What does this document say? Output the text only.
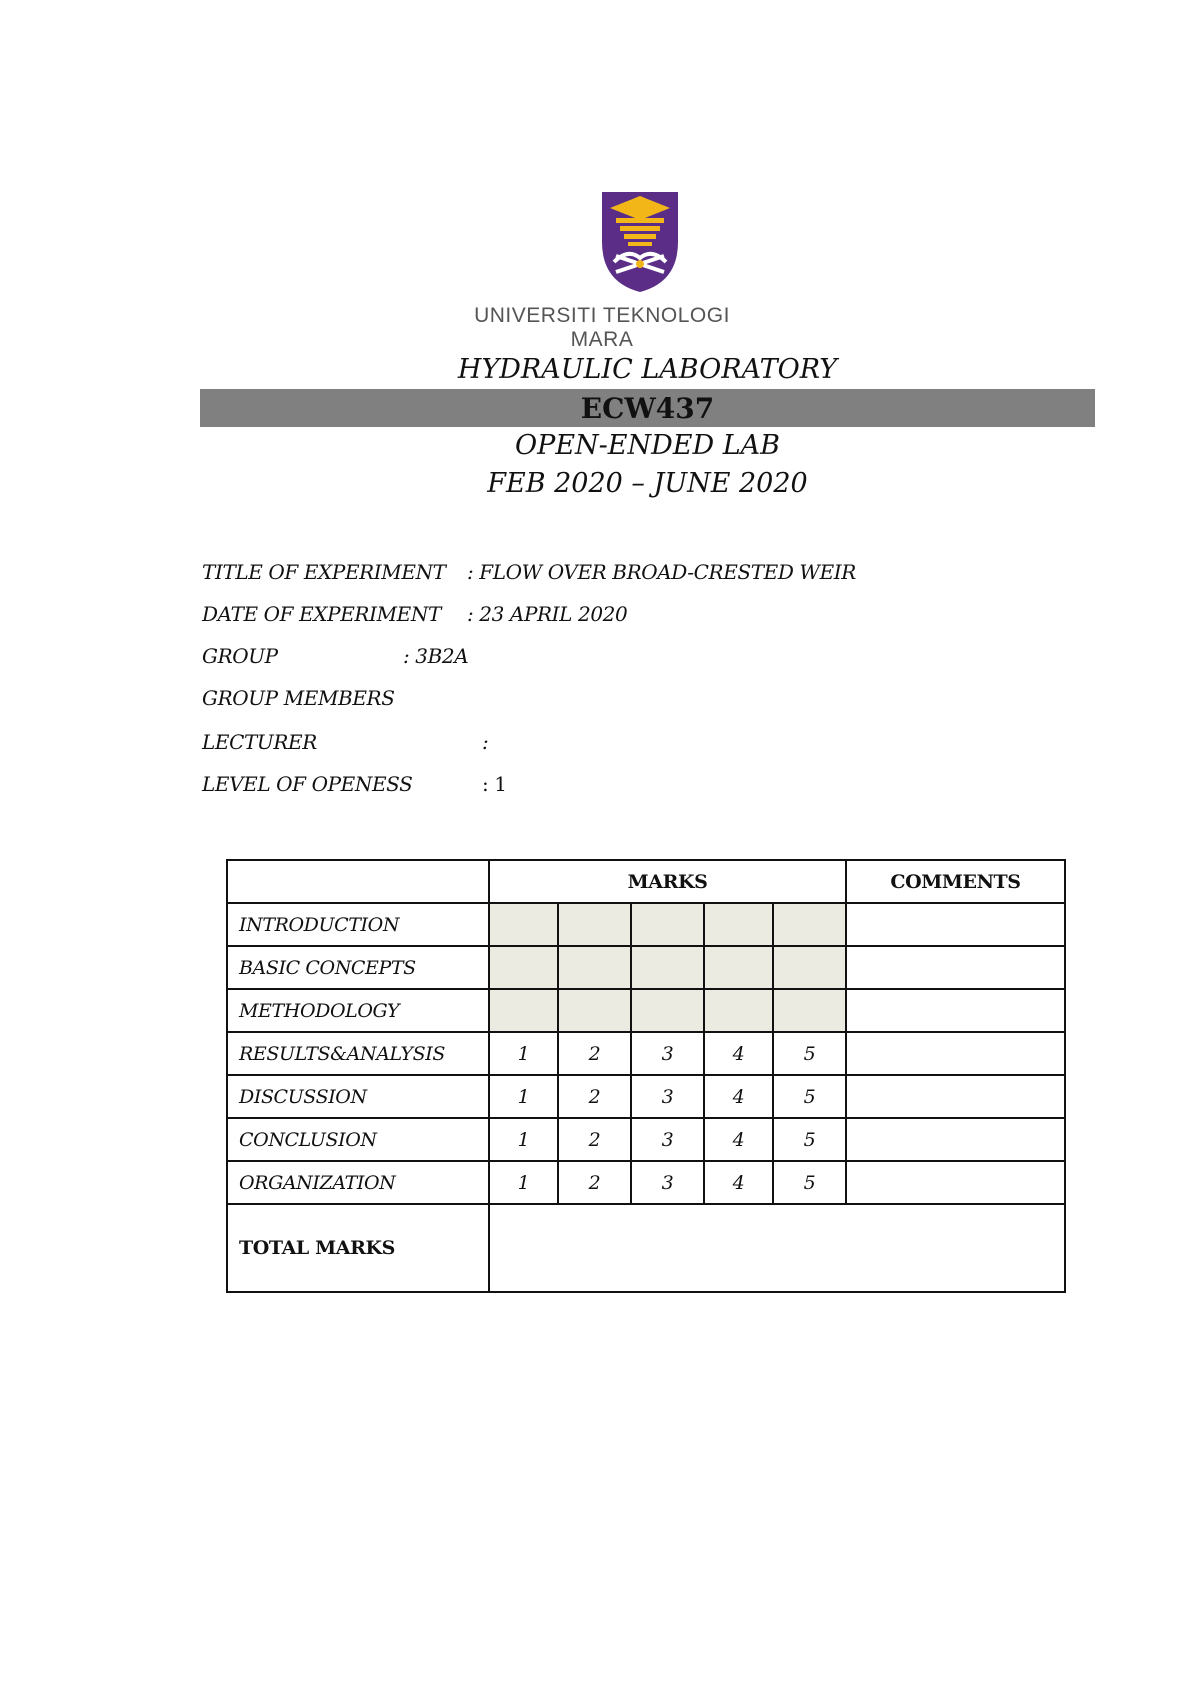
UNIVERSITI TEKNOLOGI MARA
HYDRAULIC LABORATORY
ECW437
OPEN-ENDED LAB
FEB 2020 – JUNE 2020
TITLE OF EXPERIMENT : FLOW OVER BROAD-CRESTED WEIR
DATE OF EXPERIMENT : 23 APRIL 2020
GROUP	: 3B2A
GROUP MEMBERS
LECTURER	:
LEVEL OF OPENESS	: 1
	MARKS					COMMENTS
INTRODUCTION						
BASIC CONCEPTS						
METHODOLOGY						
RESULTS&ANALYSIS	1	2	3	4	5	
DISCUSSION	1	2	3	4	5	
CONCLUSION	1	2	3	4	5	
ORGANIZATION	1	2	3	4	5	
TOTAL MARKS						
